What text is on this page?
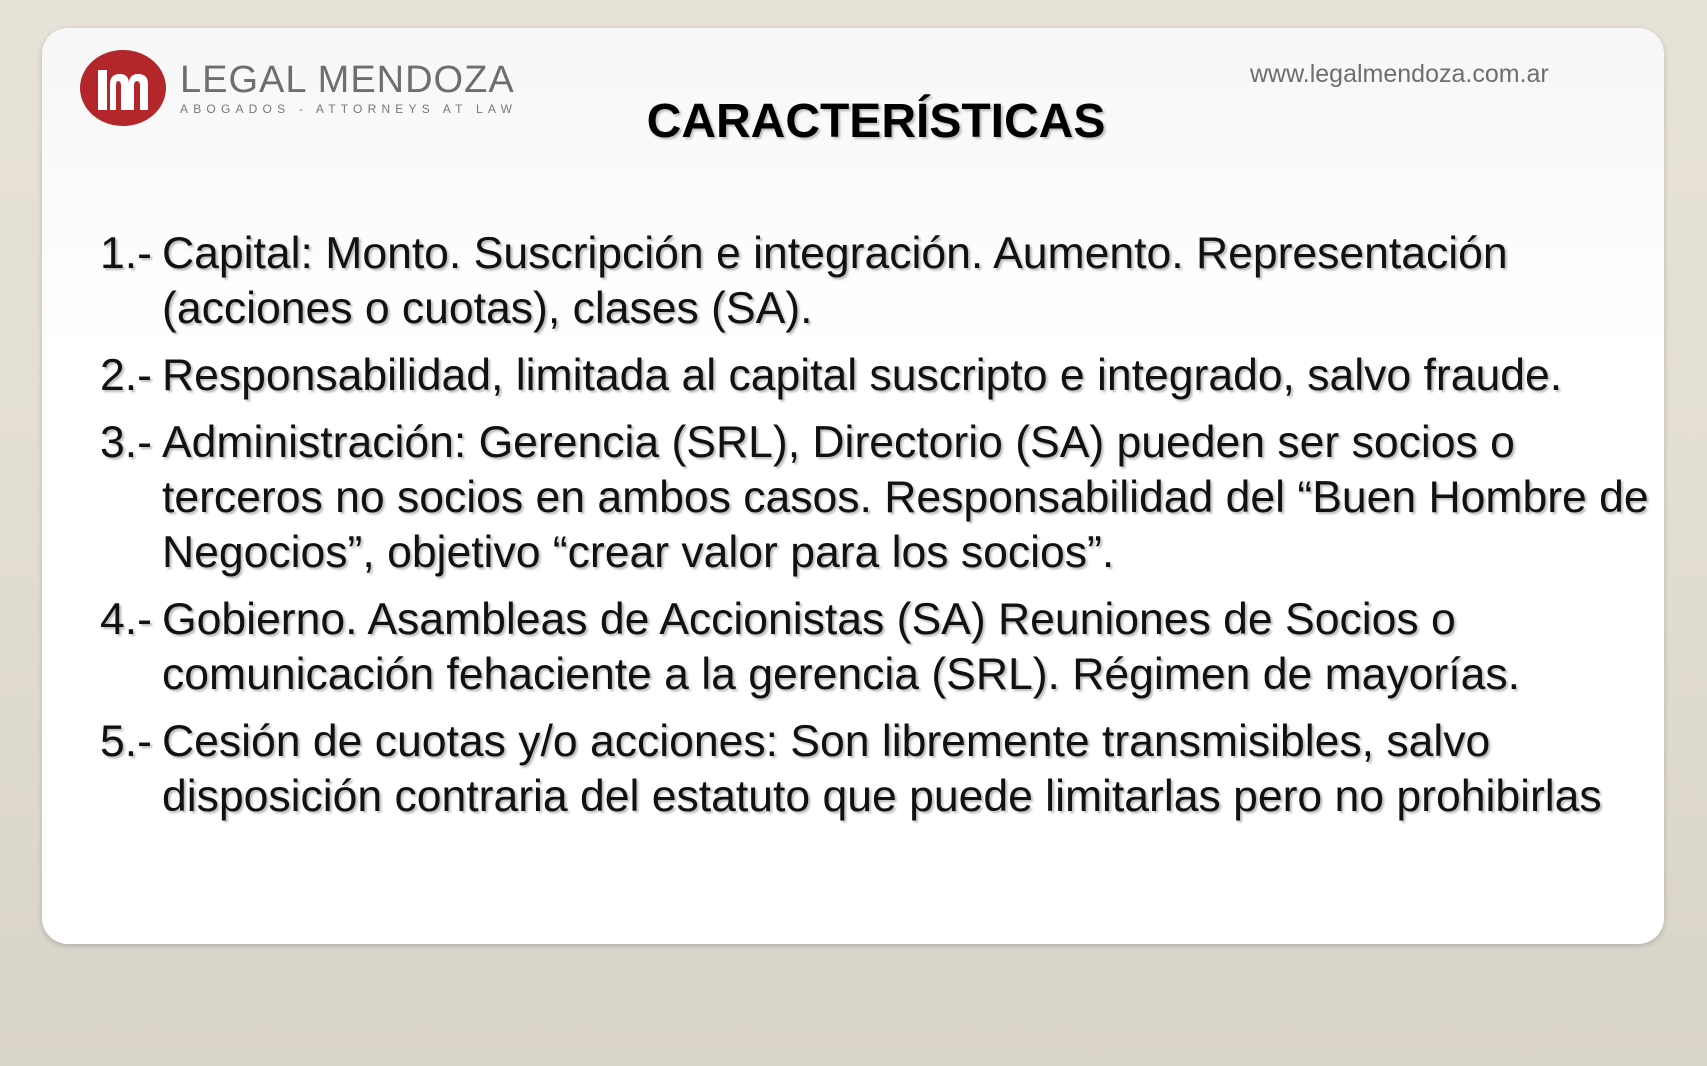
LEGAL MENDOZA
ABOGADOS - ATTORNEYS AT LAW
www.legalmendoza.com.ar
CARACTERÍSTICAS
1.- Capital: Monto. Suscripción e integración. Aumento. Representación (acciones o cuotas), clases (SA).
2.- Responsabilidad, limitada al capital suscripto e integrado, salvo fraude.
3.- Administración: Gerencia (SRL), Directorio (SA) pueden ser socios o terceros no socios en ambos casos. Responsabilidad del “Buen Hombre de Negocios”, objetivo “crear valor para los socios”.
4.- Gobierno. Asambleas de Accionistas (SA) Reuniones de Socios o comunicación fehaciente a la gerencia (SRL). Régimen de mayorías.
5.- Cesión de cuotas y/o acciones: Son libremente transmisibles, salvo disposición contraria del estatuto que puede limitarlas pero no prohibirlas
